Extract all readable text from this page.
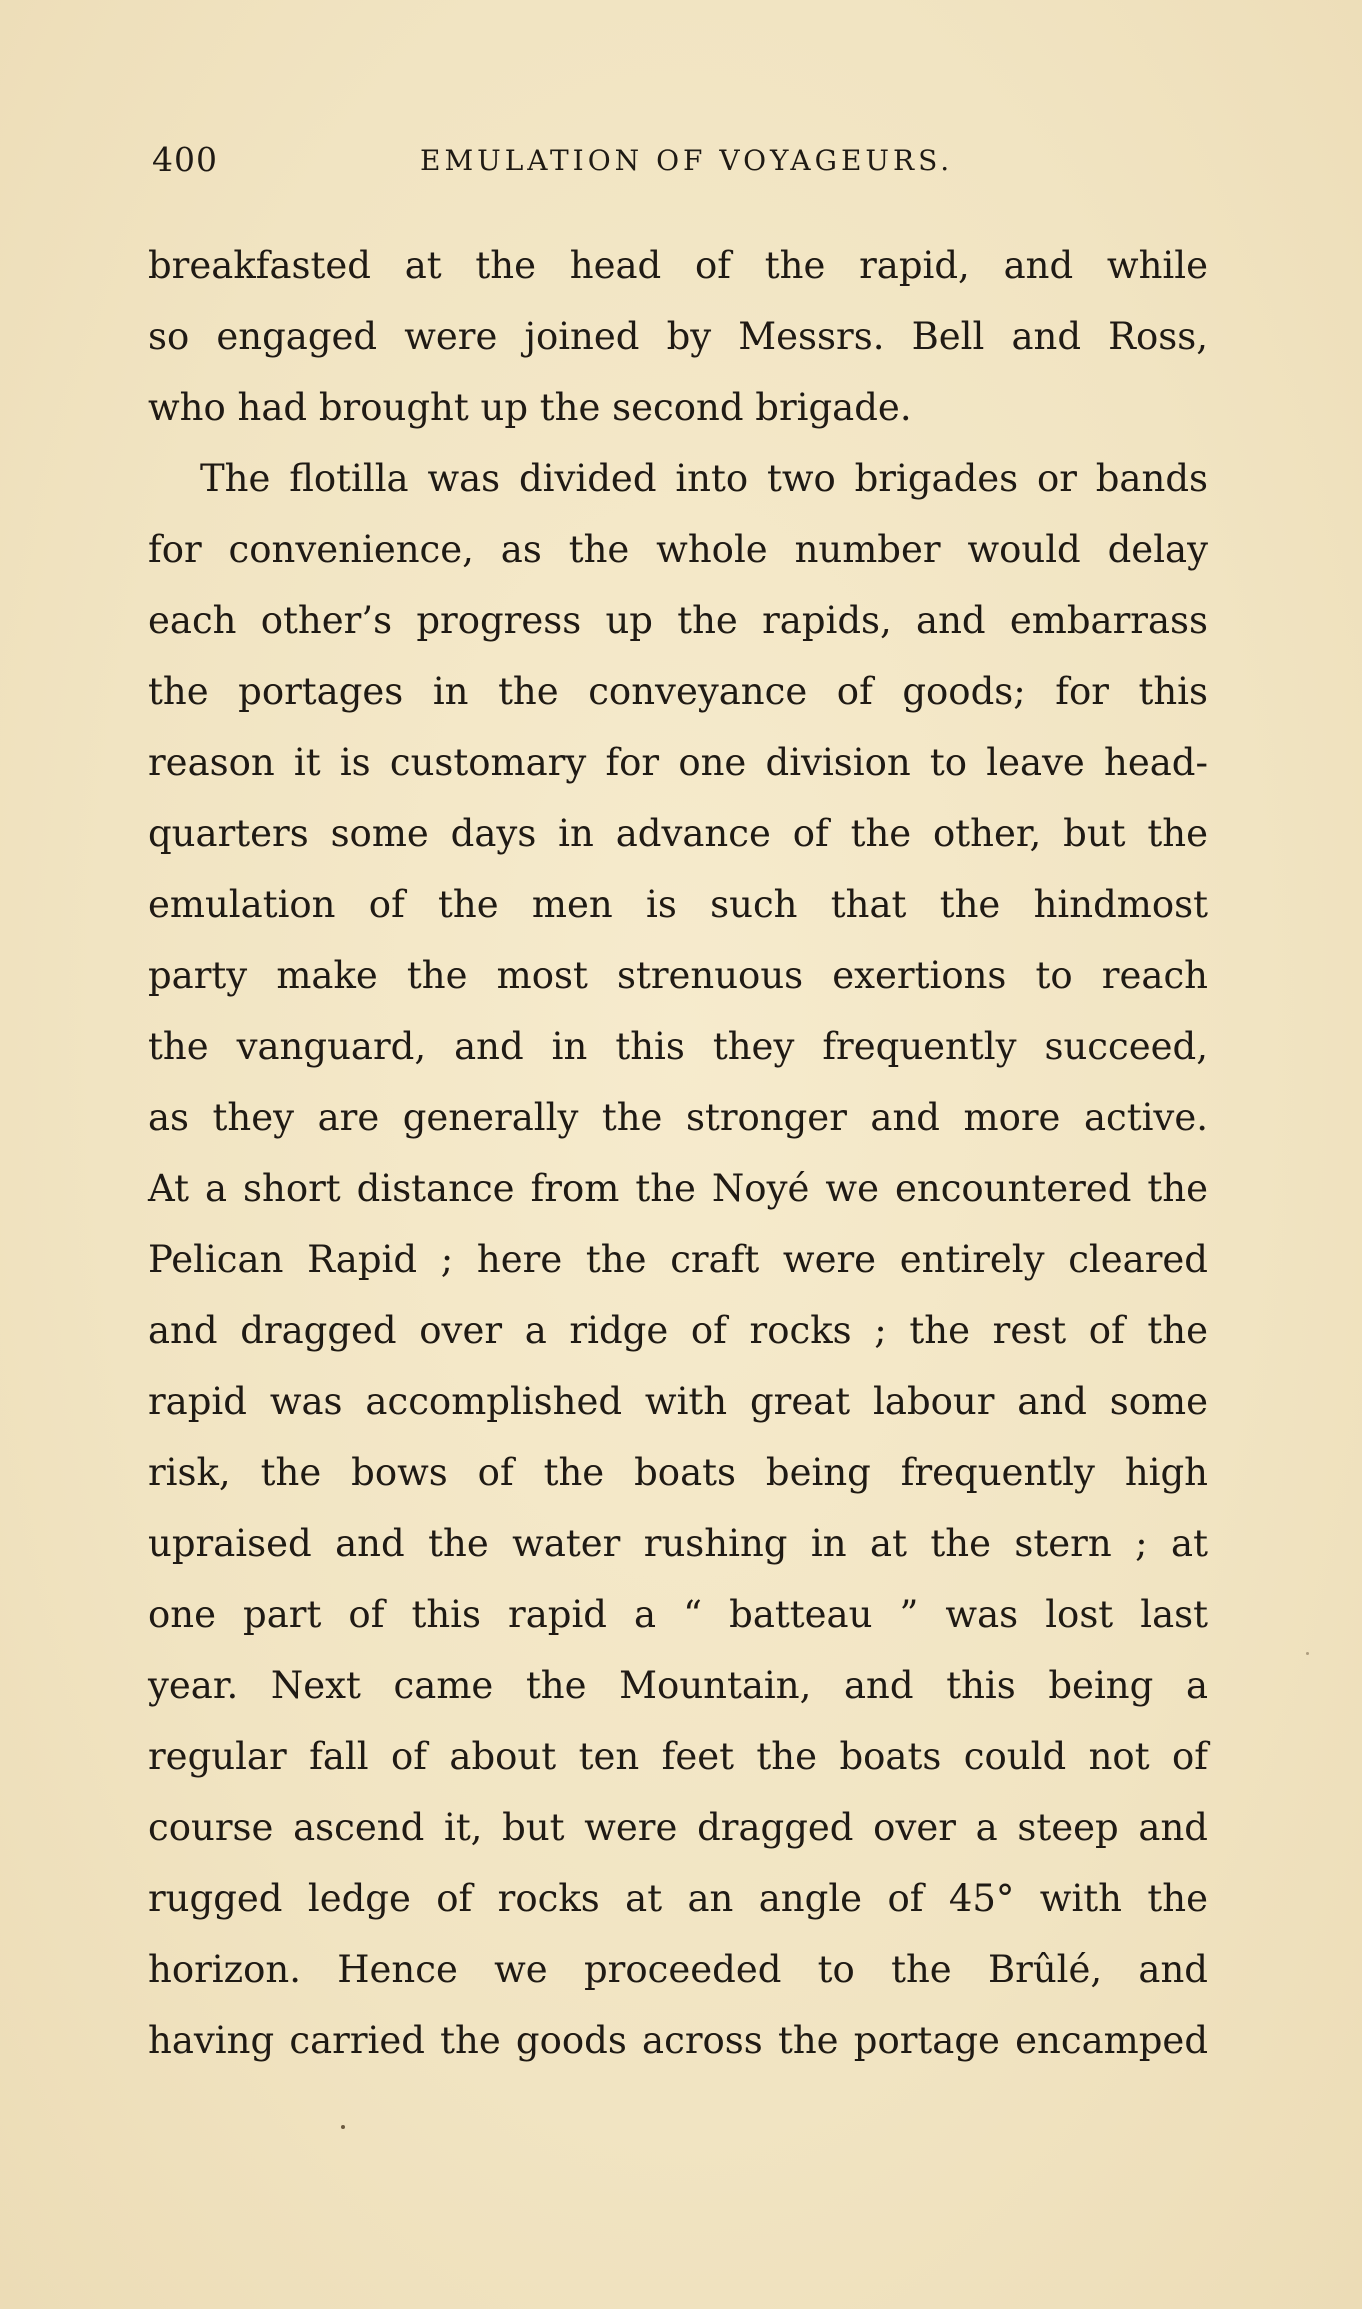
400	EMULATION OF VOYAGEURS.
breakfasted at the head of the rapid, and while
so engaged were joined by Messrs. Bell and Ross,
who had brought up the second brigade.
The flotilla was divided into two brigades or bands
for convenience, as the whole number would delay
each other’s progress up the rapids, and embarrass
the portages in the conveyance of goods; for this
reason it is customary for one division to leave head-
quarters some days in advance of the other, but the
emulation of the men is such that the hindmost
party make the most strenuous exertions to reach
the vanguard, and in this they frequently succeed,
as they are generally the stronger and more active.
At a short distance from the Noyé we encountered the
Pelican Rapid ; here the craft were entirely cleared
and dragged over a ridge of rocks ; the rest of the
rapid was accomplished with great labour and some
risk, the bows of the boats being frequently high
upraised and the water rushing in at the stern ; at
one part of this rapid a “ batteau ” was lost last
year. Next came the Mountain, and this being a
regular fall of about ten feet the boats could not of
course ascend it, but were dragged over a steep and
rugged ledge of rocks at an angle of 45° with the
horizon. Hence we proceeded to the Brûlé, and
having carried the goods across the portage encamped
